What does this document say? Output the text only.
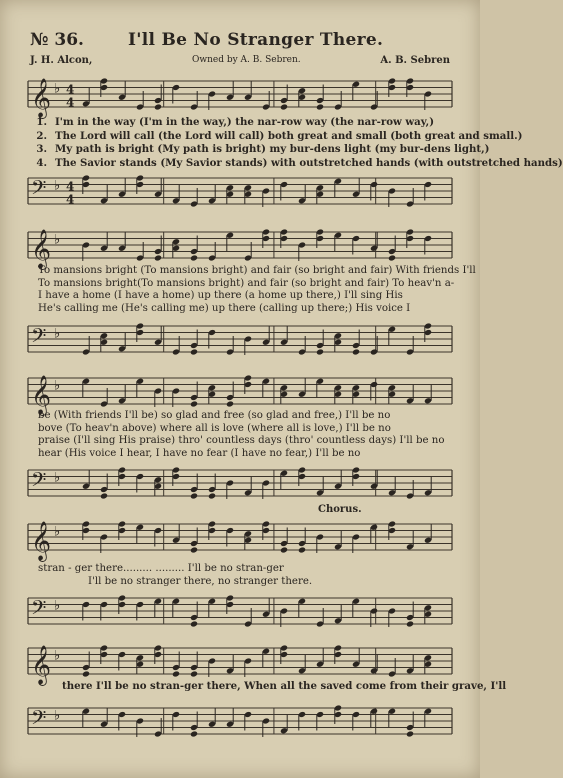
№ 36.	I'll Be No Stranger There.
J. H. Alcon,	Owned by A. B. Sebren.	A. B. Sebren
𝄞 ♭ 4
4
1. I'm in the way (I'm in the way,) the nar-row way (the nar-row way,)
2. The Lord will call (the Lord will call) both great and small (both great and small.)
3. My path is bright (My path is bright) my bur-dens light (my bur-dens light,)
4. The Savior stands (My Savior stands) with outstretched hands (with outstretched hands)
𝄢 ♭ 4
4
𝄞 ♭
To mansions bright (To mansions bright) and fair (so bright and fair) With friends I'll
To mansions bright(To mansions bright) and fair (so bright and fair) To heav'n a-
I have a home (I have a home) up there (a home up there,) I'll sing His
He's calling me (He's calling me) up there (calling up there;) His voice I
𝄢 ♭
𝄞 ♭
be (With friends I'll be) so glad and free (so glad and free,) I'll be no
bove (To heav'n above) where all is love (where all is love,) I'll be no
praise (I'll sing His praise) thro' countless days (thro' countless days) I'll be no
hear (His voice I hear, I have no fear (I have no fear,) I'll be no
𝄢 ♭
Chorus.
𝄞 ♭
stran - ger there......... ......... I'll be no stran-ger
I'll be no stranger there, no stranger there.
𝄢 ♭
𝄞 ♭
there I'll be no stran-ger there, When all the saved come from their grave, I'll
𝄢 ♭
